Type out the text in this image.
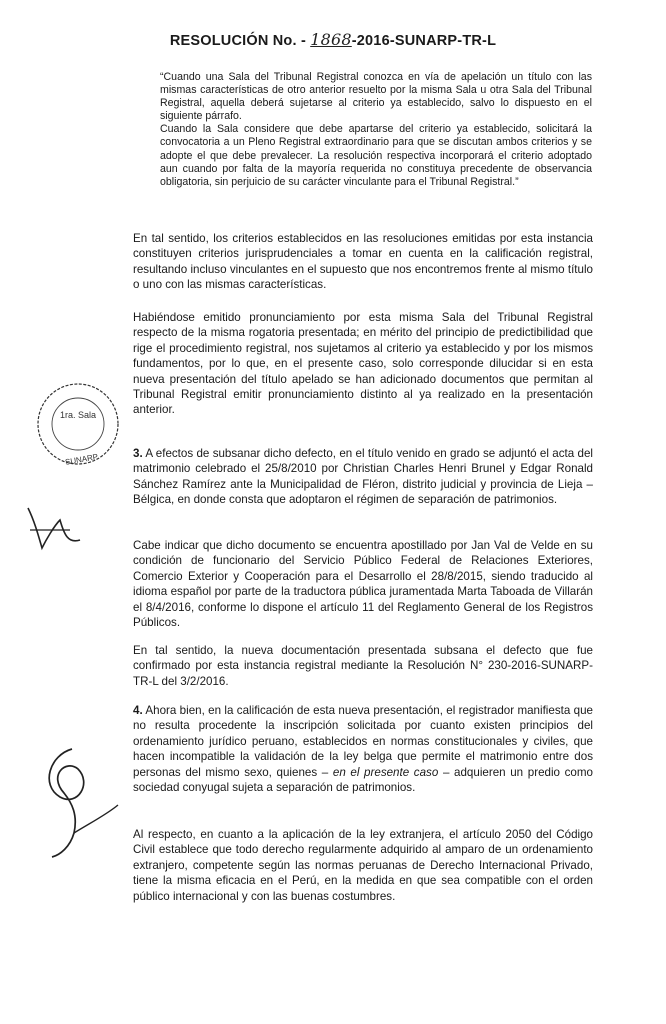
RESOLUCIÓN No. - 1868-2016-SUNARP-TR-L

“Cuando una Sala del Tribunal Registral conozca en vía de apelación un título con las mismas características de otro anterior resuelto por la misma Sala u otra Sala del Tribunal Registral, aquella deberá sujetarse al criterio ya establecido, salvo lo dispuesto en el siguiente párrafo.

Cuando la Sala considere que debe apartarse del criterio ya establecido, solicitará la convocatoria a un Pleno Registral extraordinario para que se discutan ambos criterios y se adopte el que debe prevalecer. La resolución respectiva incorporará el criterio adoptado aun cuando por falta de la mayoría requerida no constituya precedente de observancia obligatoria, sin perjuicio de su carácter vinculante para el Tribunal Registral.”

En tal sentido, los criterios establecidos en las resoluciones emitidas por esta instancia constituyen criterios jurisprudenciales a tomar en cuenta en la calificación registral, resultando incluso vinculantes en el supuesto que nos encontremos frente al mismo título o uno con las mismas características.

Habiéndose emitido pronunciamiento por esta misma Sala del Tribunal Registral respecto de la misma rogatoria presentada; en mérito del principio de predictibilidad que rige el procedimiento registral, nos sujetamos al criterio ya establecido y por los mismos fundamentos, por lo que, en el presente caso, solo corresponde dilucidar si en esta nueva presentación del título apelado se han adicionado documentos que permitan al Tribunal Registral emitir pronunciamiento distinto al ya realizado en la presentación anterior.

3. A efectos de subsanar dicho defecto, en el título venido en grado se adjuntó el acta del matrimonio celebrado el 25/8/2010 por Christian Charles Henri Brunel y Edgar Ronald Sánchez Ramírez ante la Municipalidad de Fléron, distrito judicial y provincia de Lieja – Bélgica, en donde consta que adoptaron el régimen de separación de patrimonios.

Cabe indicar que dicho documento se encuentra apostillado por Jan Val de Velde en su condición de funcionario del Servicio Público Federal de Relaciones Exteriores, Comercio Exterior y Cooperación para el Desarrollo el 28/8/2015, siendo traducido al idioma español por parte de la traductora pública juramentada Marta Taboada de Villarán el 8/4/2016, conforme lo dispone el artículo 11 del Reglamento General de los Registros Públicos.

En tal sentido, la nueva documentación presentada subsana el defecto que fue confirmado por esta instancia registral mediante la Resolución N° 230-2016-SUNARP-TR-L del 3/2/2016.

4. Ahora bien, en la calificación de esta nueva presentación, el registrador manifiesta que no resulta procedente la inscripción solicitada por cuanto existen principios del ordenamiento jurídico peruano, establecidos en normas constitucionales y civiles, que hacen incompatible la validación de la ley belga que permite el matrimonio entre dos personas del mismo sexo, quienes – en el presente caso – adquieren un predio como sociedad conyugal sujeta a separación de patrimonios.

Al respecto, en cuanto a la aplicación de la ley extranjera, el artículo 2050 del Código Civil establece que todo derecho regularmente adquirido al amparo de un ordenamiento extranjero, competente según las normas peruanas de Derecho Internacional Privado, tiene la misma eficacia en el Perú, en la medida en que sea compatible con el orden público internacional y con las buenas costumbres.

1ra. Sala
SUNARP
